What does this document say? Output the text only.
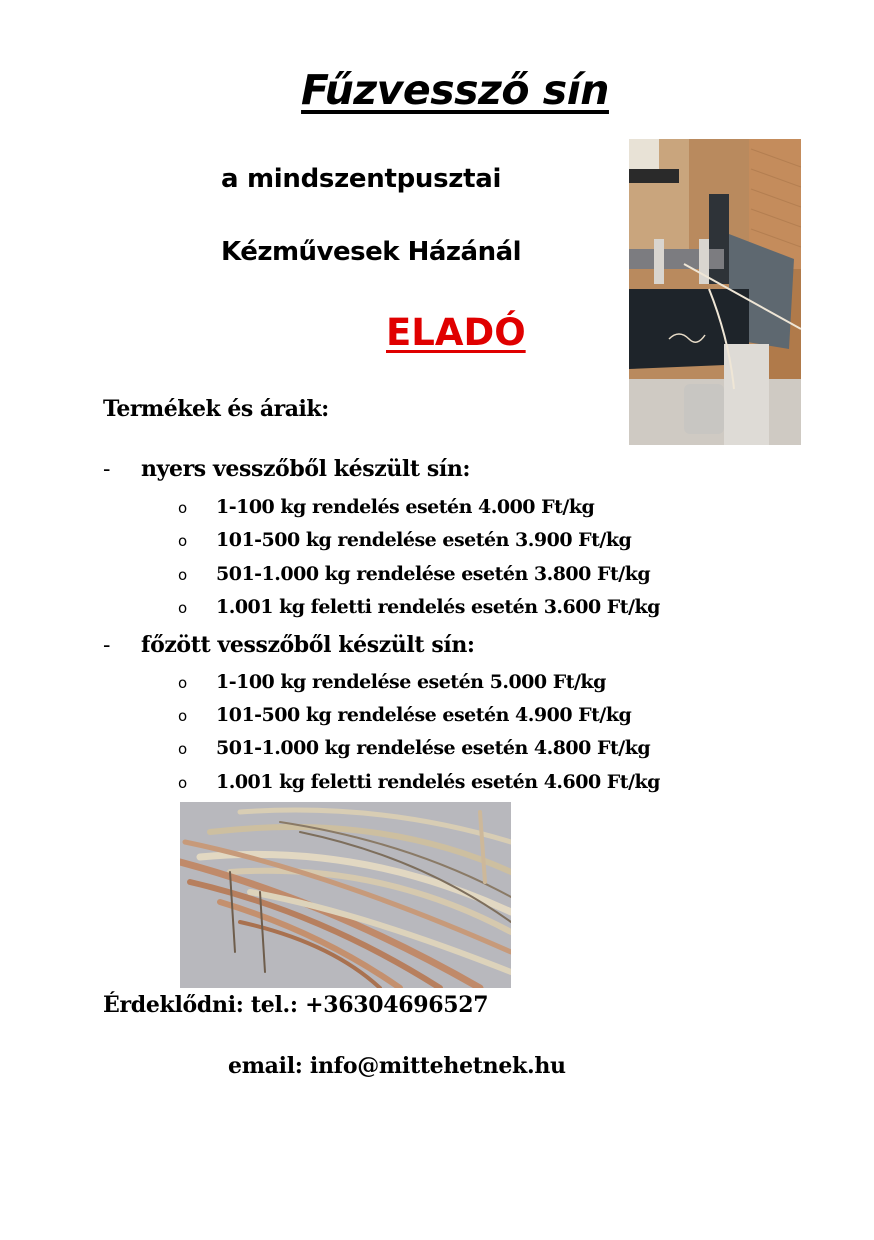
Fűzvessző sín
a mindszentpusztai
Kézművesek Házánál
ELADÓ
Termékek és áraik:
- nyers vesszőből készült sín:
o 1-100 kg rendelés esetén 4.000 Ft/kg
o 101-500 kg rendelése esetén 3.900 Ft/kg
o 501-1.000 kg rendelése esetén 3.800 Ft/kg
o 1.001 kg feletti rendelés esetén 3.600 Ft/kg
- főzött vesszőből készült sín:
o 1-100 kg rendelése esetén 5.000 Ft/kg
o 101-500 kg rendelése esetén 4.900 Ft/kg
o 501-1.000 kg rendelése esetén 4.800 Ft/kg
o 1.001 kg feletti rendelés esetén 4.600 Ft/kg
Érdeklődni: tel.: +36304696527
email: info@mittehetnek.hu
